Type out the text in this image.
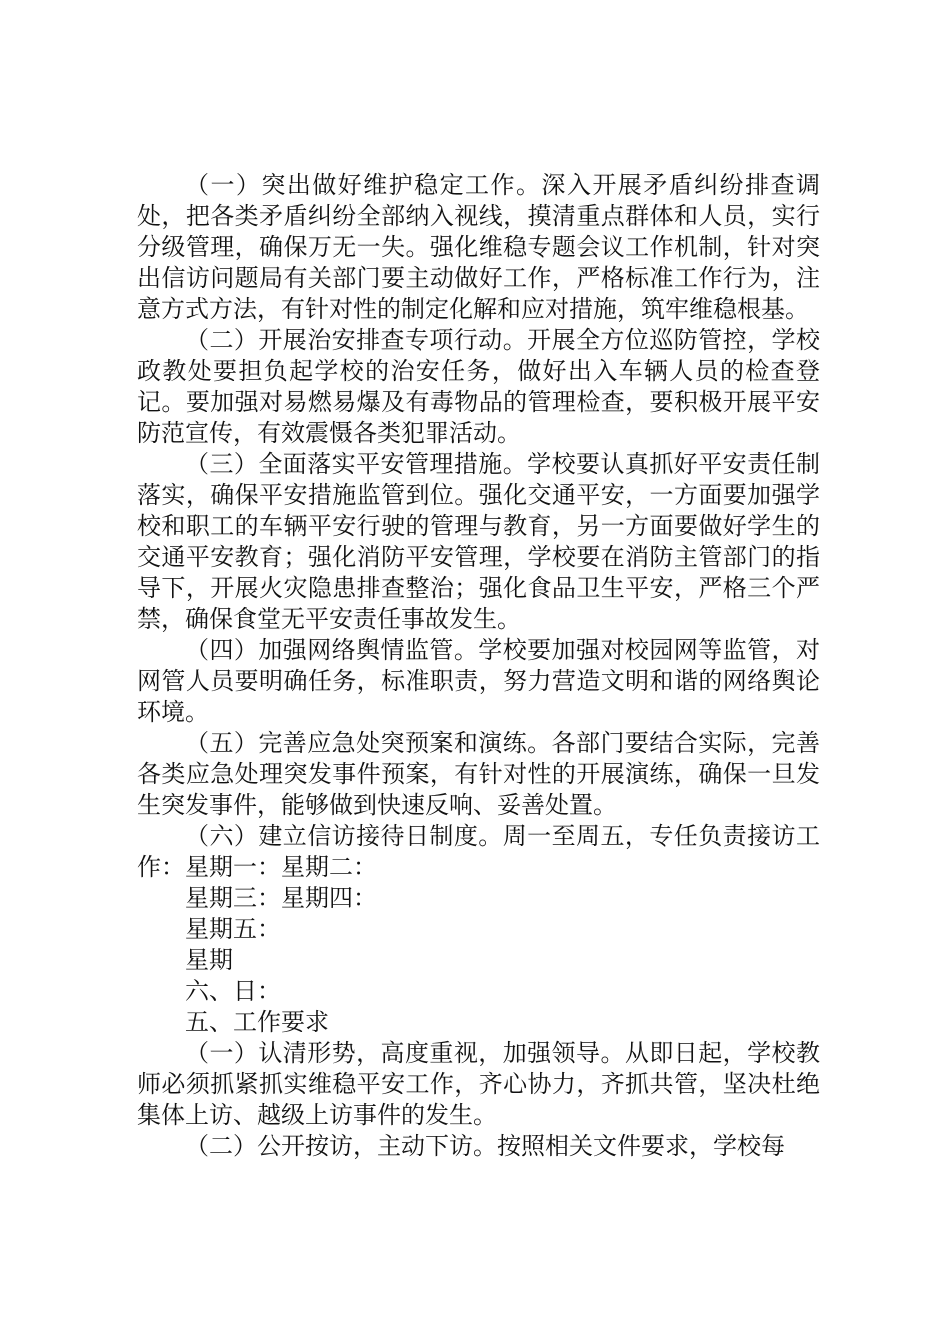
（一）突出做好维护稳定工作。深入开展矛盾纠纷排查调处，把各类矛盾纠纷全部纳入视线，摸清重点群体和人员，实行分级管理，确保万无一失。强化维稳专题会议工作机制，针对突出信访问题局有关部门要主动做好工作，严格标准工作行为，注意方式方法，有针对性的制定化解和应对措施，筑牢维稳根基。

（二）开展治安排查专项行动。开展全方位巡防管控，学校政教处要担负起学校的治安任务，做好出入车辆人员的检查登记。要加强对易燃易爆及有毒物品的管理检查，要积极开展平安防范宣传，有效震慑各类犯罪活动。

（三）全面落实平安管理措施。学校要认真抓好平安责任制落实，确保平安措施监管到位。强化交通平安，一方面要加强学校和职工的车辆平安行驶的管理与教育，另一方面要做好学生的交通平安教育；强化消防平安管理，学校要在消防主管部门的指导下，开展火灾隐患排查整治；强化食品卫生平安，严格三个严禁，确保食堂无平安责任事故发生。

（四）加强网络舆情监管。学校要加强对校园网等监管，对网管人员要明确任务，标准职责，努力营造文明和谐的网络舆论环境。

（五）完善应急处突预案和演练。各部门要结合实际，完善各类应急处理突发事件预案，有针对性的开展演练，确保一旦发生突发事件，能够做到快速反响、妥善处置。

（六）建立信访接待日制度。周一至周五，专任负责接访工作：星期一：星期二：

星期三：星期四：

星期五：

星期

六、日：

五、工作要求

（一）认清形势，高度重视，加强领导。从即日起，学校教师必须抓紧抓实维稳平安工作，齐心协力，齐抓共管，坚决杜绝集体上访、越级上访事件的发生。

（二）公开按访，主动下访。按照相关文件要求，学校每
